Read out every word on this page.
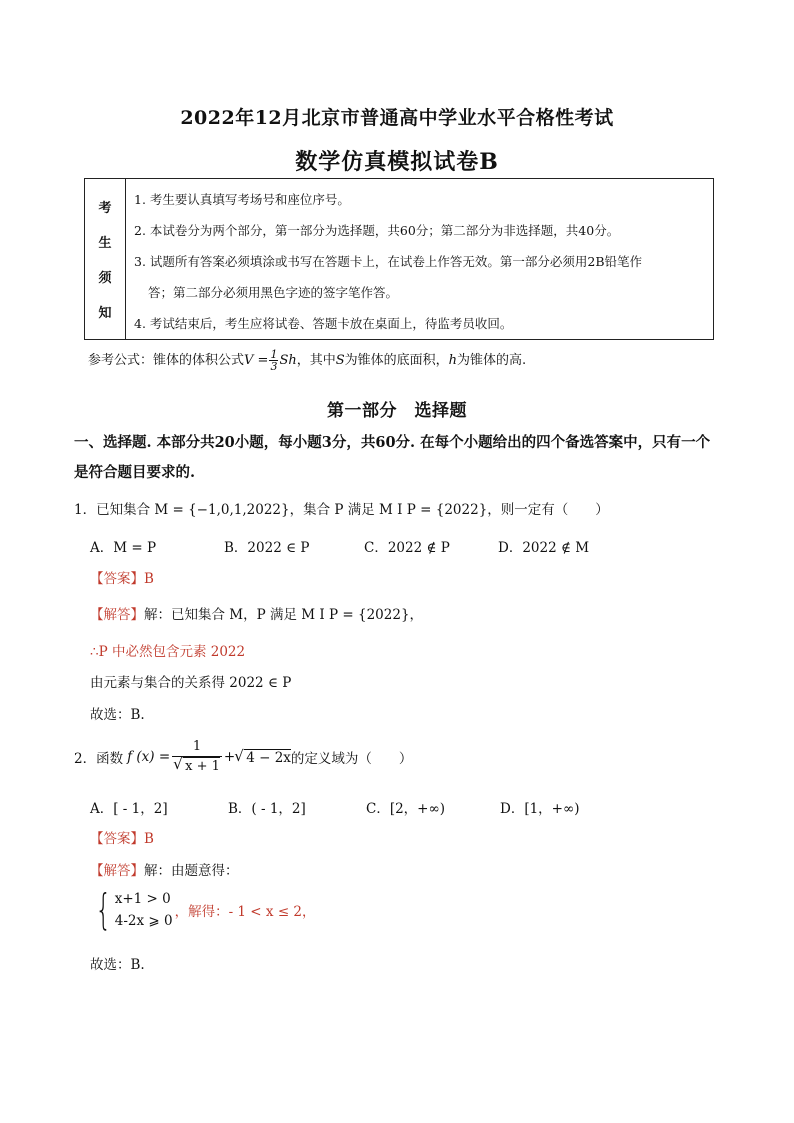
2022年12月北京市普通高中学业水平合格性考试
数学仿真模拟试卷B
考
生
须
知
1. 考生要认真填写考场号和座位序号。
2. 本试卷分为两个部分，第一部分为选择题，共60分；第二部分为非选择题，共40分。
3. 试题所有答案必须填涂或书写在答题卡上，在试卷上作答无效。第一部分必须用2B铅笔作
答；第二部分必须用黑色字迹的签字笔作答。
4. 考试结束后，考生应将试卷、答题卡放在桌面上，待监考员收回。
参考公式：锥体的体积公式$V = \frac{1}{3}$ Sh，其中S为锥体的底面积，h为锥体的高.
第一部分　选择题
一、选择题. 本部分共20小题，每小题3分，共60分. 在每个小题给出的四个备选答案中，只有一个是符合题目要求的.
1．已知集合 M = {−1,0,1,2022}，集合 P 满足 M I P = {2022}，则一定有（　　）
A．M = P	B．2022 ∈ P	C．2022 ∉ P	D．2022 ∉ M
【答案】B
【解答】解：已知集合 M，P 满足 M I P = {2022}，
∴P 中必然包含元素 2022
由元素与集合的关系得 2022 ∈ P
故选：B.
2．函数 f (x) = 1
√ x + 1 +
√ 4 − 2x 的定义域为（　　）
A．[ - 1，2]	B．( - 1，2]	C．[2，+∞)	D．[1，+∞)
【答案】B
【解答】解：由题意得：
{ x+1 > 0
4-2x ⩾ 0
，解得：- 1 < x ≤ 2，
故选：B.
